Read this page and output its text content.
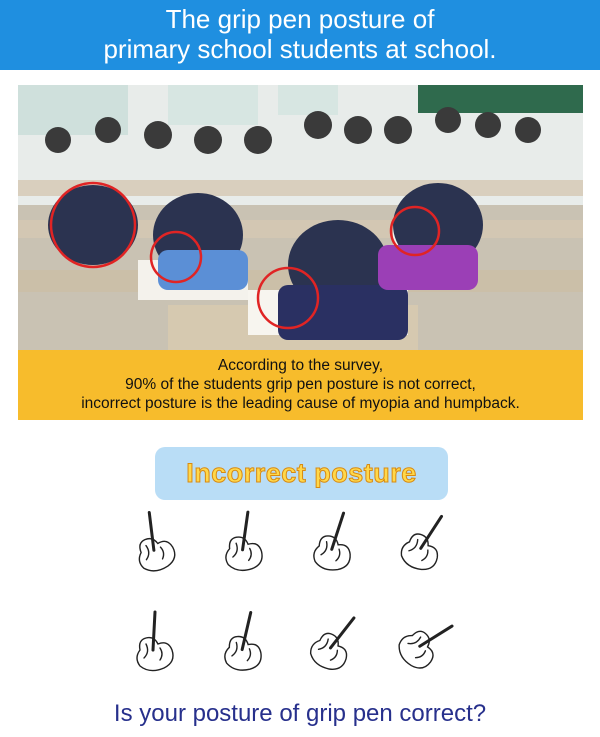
The grip pen posture of
primary school students at school.
According to the survey,
90% of the students grip pen posture is not correct,
incorrect posture is the leading cause of myopia and humpback.
Incorrect posture
Is your posture of grip pen correct?
